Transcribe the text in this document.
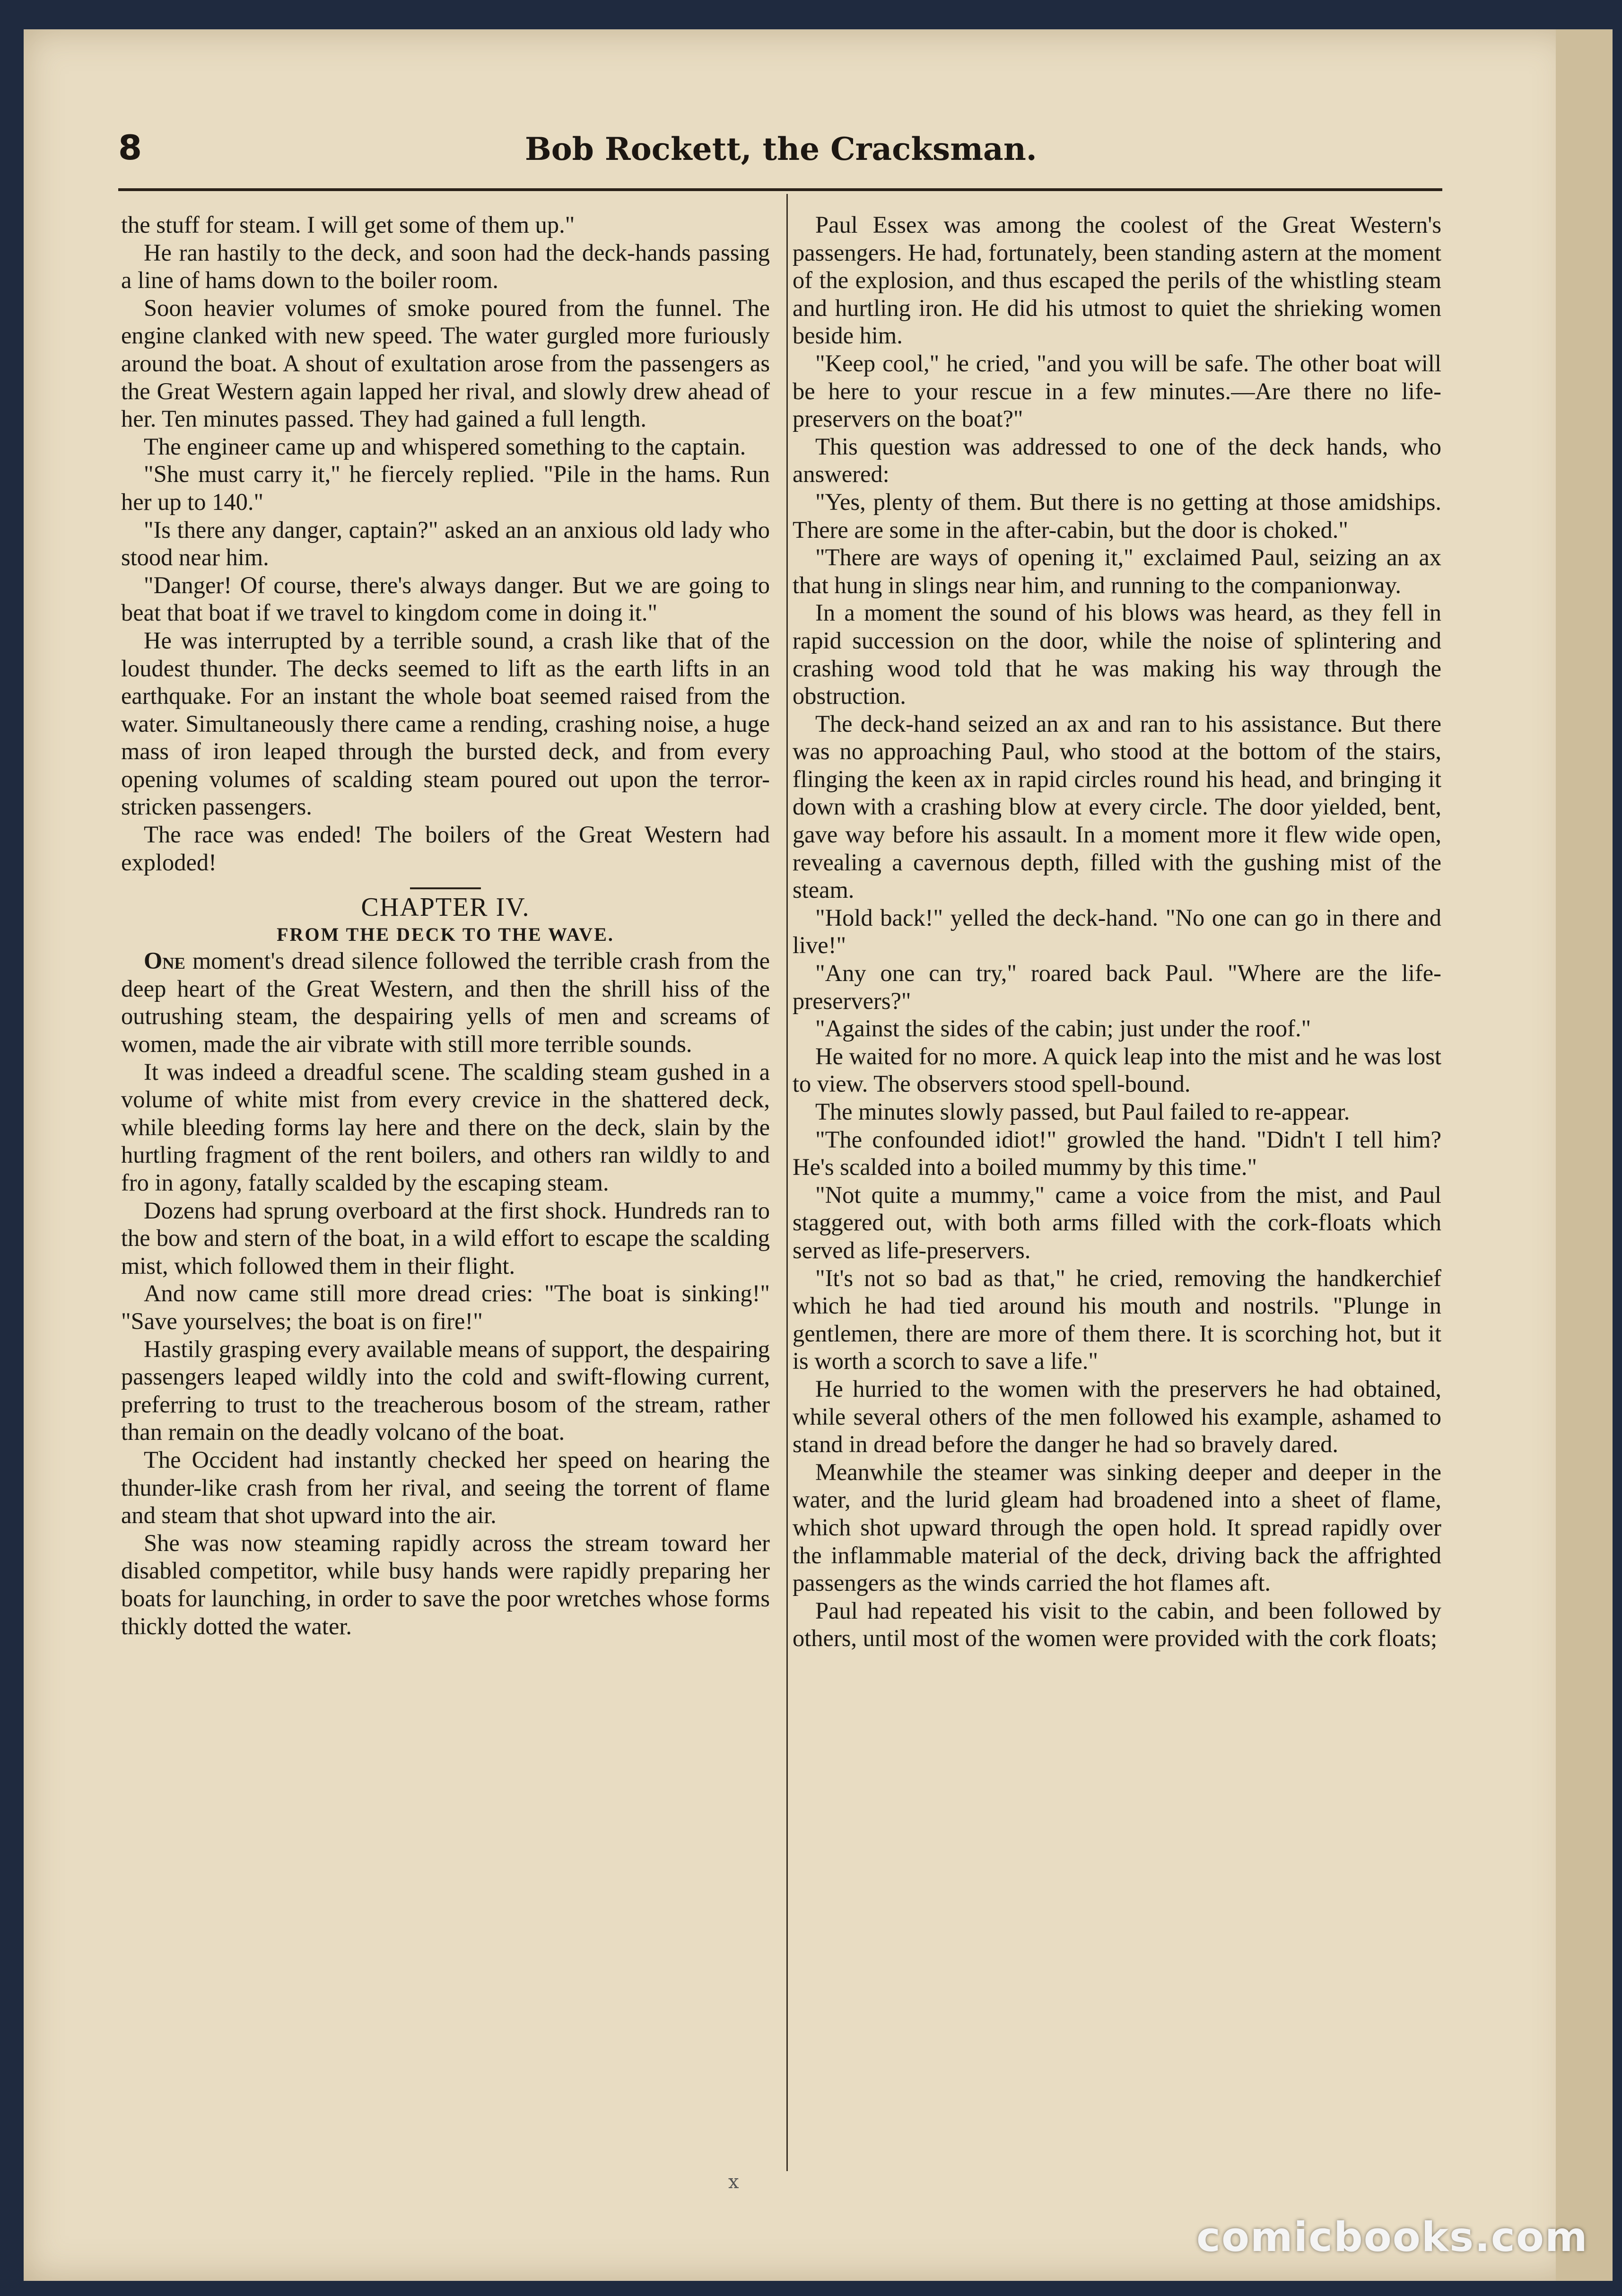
8	Bob Rockett, the Cracksman.

the stuff for steam. I will get some of them up."

He ran hastily to the deck, and soon had the deck-hands passing a line of hams down to the boiler room.

Soon heavier volumes of smoke poured from the funnel. The engine clanked with new speed. The water gurgled more furiously around the boat. A shout of exultation arose from the passengers as the Great Western again lapped her rival, and slowly drew ahead of her. Ten minutes passed. They had gained a full length.

The engineer came up and whispered something to the captain.

"She must carry it," he fiercely replied. "Pile in the hams. Run her up to 140."

"Is there any danger, captain?" asked an an anxious old lady who stood near him.

"Danger! Of course, there's always danger. But we are going to beat that boat if we travel to kingdom come in doing it."

He was interrupted by a terrible sound, a crash like that of the loudest thunder. The decks seemed to lift as the earth lifts in an earthquake. For an instant the whole boat seemed raised from the water. Simultaneously there came a rending, crashing noise, a huge mass of iron leaped through the bursted deck, and from every opening volumes of scalding steam poured out upon the terror-stricken passengers.

The race was ended! The boilers of the Great Western had exploded!

CHAPTER IV.
FROM THE DECK TO THE WAVE.

One moment's dread silence followed the terrible crash from the deep heart of the Great Western, and then the shrill hiss of the outrushing steam, the despairing yells of men and screams of women, made the air vibrate with still more terrible sounds.

It was indeed a dreadful scene. The scalding steam gushed in a volume of white mist from every crevice in the shattered deck, while bleeding forms lay here and there on the deck, slain by the hurtling fragment of the rent boilers, and others ran wildly to and fro in agony, fatally scalded by the escaping steam.

Dozens had sprung overboard at the first shock. Hundreds ran to the bow and stern of the boat, in a wild effort to escape the scalding mist, which followed them in their flight.

And now came still more dread cries: "The boat is sinking!" "Save yourselves; the boat is on fire!"

Hastily grasping every available means of support, the despairing passengers leaped wildly into the cold and swift-flowing current, preferring to trust to the treacherous bosom of the stream, rather than remain on the deadly volcano of the boat.

The Occident had instantly checked her speed on hearing the thunder-like crash from her rival, and seeing the torrent of flame and steam that shot upward into the air.

She was now steaming rapidly across the stream toward her disabled competitor, while busy hands were rapidly preparing her boats for launching, in order to save the poor wretches whose forms thickly dotted the water.

Paul Essex was among the coolest of the Great Western's passengers. He had, fortunately, been standing astern at the moment of the explosion, and thus escaped the perils of the whistling steam and hurtling iron. He did his utmost to quiet the shrieking women beside him.

"Keep cool," he cried, "and you will be safe. The other boat will be here to your rescue in a few minutes.—Are there no life-preservers on the boat?"

This question was addressed to one of the deck hands, who answered:

"Yes, plenty of them. But there is no getting at those amidships. There are some in the after-cabin, but the door is choked."

"There are ways of opening it," exclaimed Paul, seizing an ax that hung in slings near him, and running to the companionway.

In a moment the sound of his blows was heard, as they fell in rapid succession on the door, while the noise of splintering and crashing wood told that he was making his way through the obstruction.

The deck-hand seized an ax and ran to his assistance. But there was no approaching Paul, who stood at the bottom of the stairs, flinging the keen ax in rapid circles round his head, and bringing it down with a crashing blow at every circle. The door yielded, bent, gave way before his assault. In a moment more it flew wide open, revealing a cavernous depth, filled with the gushing mist of the steam.

"Hold back!" yelled the deck-hand. "No one can go in there and live!"

"Any one can try," roared back Paul. "Where are the life-preservers?"

"Against the sides of the cabin; just under the roof."

He waited for no more. A quick leap into the mist and he was lost to view. The observers stood spell-bound.

The minutes slowly passed, but Paul failed to re-appear.

"The confounded idiot!" growled the hand. "Didn't I tell him? He's scalded into a boiled mummy by this time."

"Not quite a mummy," came a voice from the mist, and Paul staggered out, with both arms filled with the cork-floats which served as life-preservers.

"It's not so bad as that," he cried, removing the handkerchief which he had tied around his mouth and nostrils. "Plunge in gentlemen, there are more of them there. It is scorching hot, but it is worth a scorch to save a life."

He hurried to the women with the preservers he had obtained, while several others of the men followed his example, ashamed to stand in dread before the danger he had so bravely dared.

Meanwhile the steamer was sinking deeper and deeper in the water, and the lurid gleam had broadened into a sheet of flame, which shot upward through the open hold. It spread rapidly over the inflammable material of the deck, driving back the affrighted passengers as the winds carried the hot flames aft.

Paul had repeated his visit to the cabin, and been followed by others, until most of the women were provided with the cork floats;

x
comicbooks.com
